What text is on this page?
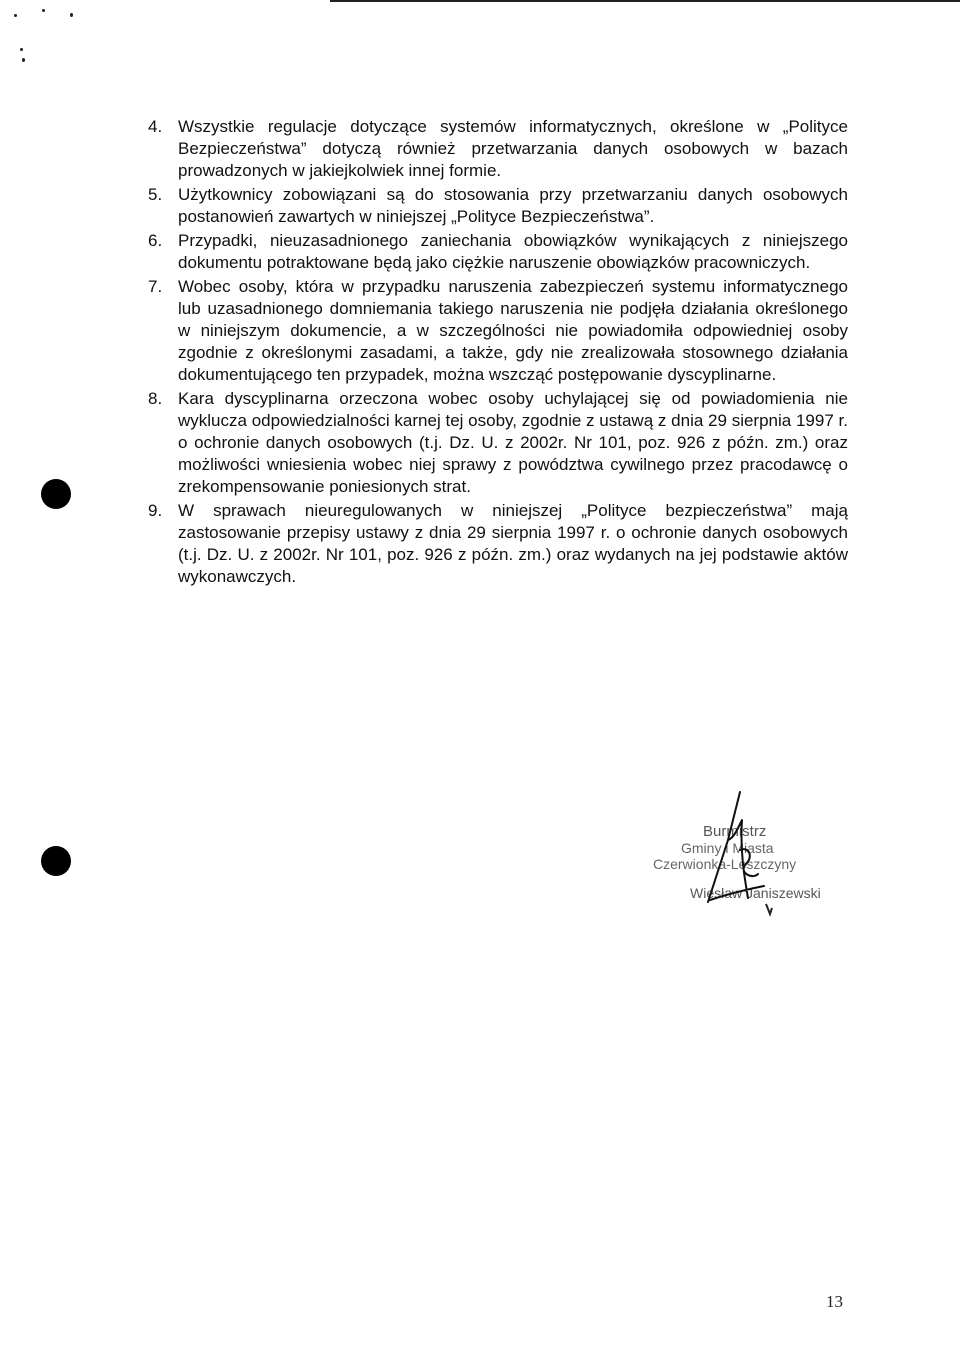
4. Wszystkie regulacje dotyczące systemów informatycznych, określone w „Polityce Bezpieczeństwa” dotyczą również przetwarzania danych osobowych w bazach prowadzonych w jakiejkolwiek innej formie.
5. Użytkownicy zobowiązani są do stosowania przy przetwarzaniu danych osobowych postanowień zawartych w niniejszej „Polityce Bezpieczeństwa”.
6. Przypadki, nieuzasadnionego zaniechania obowiązków wynikających z niniejszego dokumentu potraktowane będą jako ciężkie naruszenie obowiązków pracowniczych.
7. Wobec osoby, która w przypadku naruszenia zabezpieczeń systemu informatycznego lub uzasadnionego domniemania takiego naruszenia nie podjęła działania określonego w niniejszym dokumencie, a w szczególności nie powiadomiła odpowiedniej osoby zgodnie z określonymi zasadami, a także, gdy nie zrealizowała stosownego działania dokumentującego ten przypadek, można wszcząć postępowanie dyscyplinarne.
8. Kara dyscyplinarna orzeczona wobec osoby uchylającej się od powiadomienia nie wyklucza odpowiedzialności karnej tej osoby, zgodnie z ustawą z dnia 29 sierpnia 1997 r. o ochronie danych osobowych (t.j. Dz. U. z 2002r. Nr 101, poz. 926 z późn. zm.) oraz możliwości wniesienia wobec niej sprawy z powództwa cywilnego przez pracodawcę o zrekompensowanie poniesionych strat.
9. W sprawach nieuregulowanych w niniejszej „Polityce bezpieczeństwa” mają zastosowanie przepisy ustawy z dnia 29 sierpnia 1997 r. o ochronie danych osobowych (t.j. Dz. U. z 2002r. Nr 101, poz. 926 z późn. zm.) oraz wydanych na jej podstawie aktów wykonawczych.
Burmistrz
Gminy i Miasta
Czerwionka-Leszczyny
Wiesław Janiszewski
13
